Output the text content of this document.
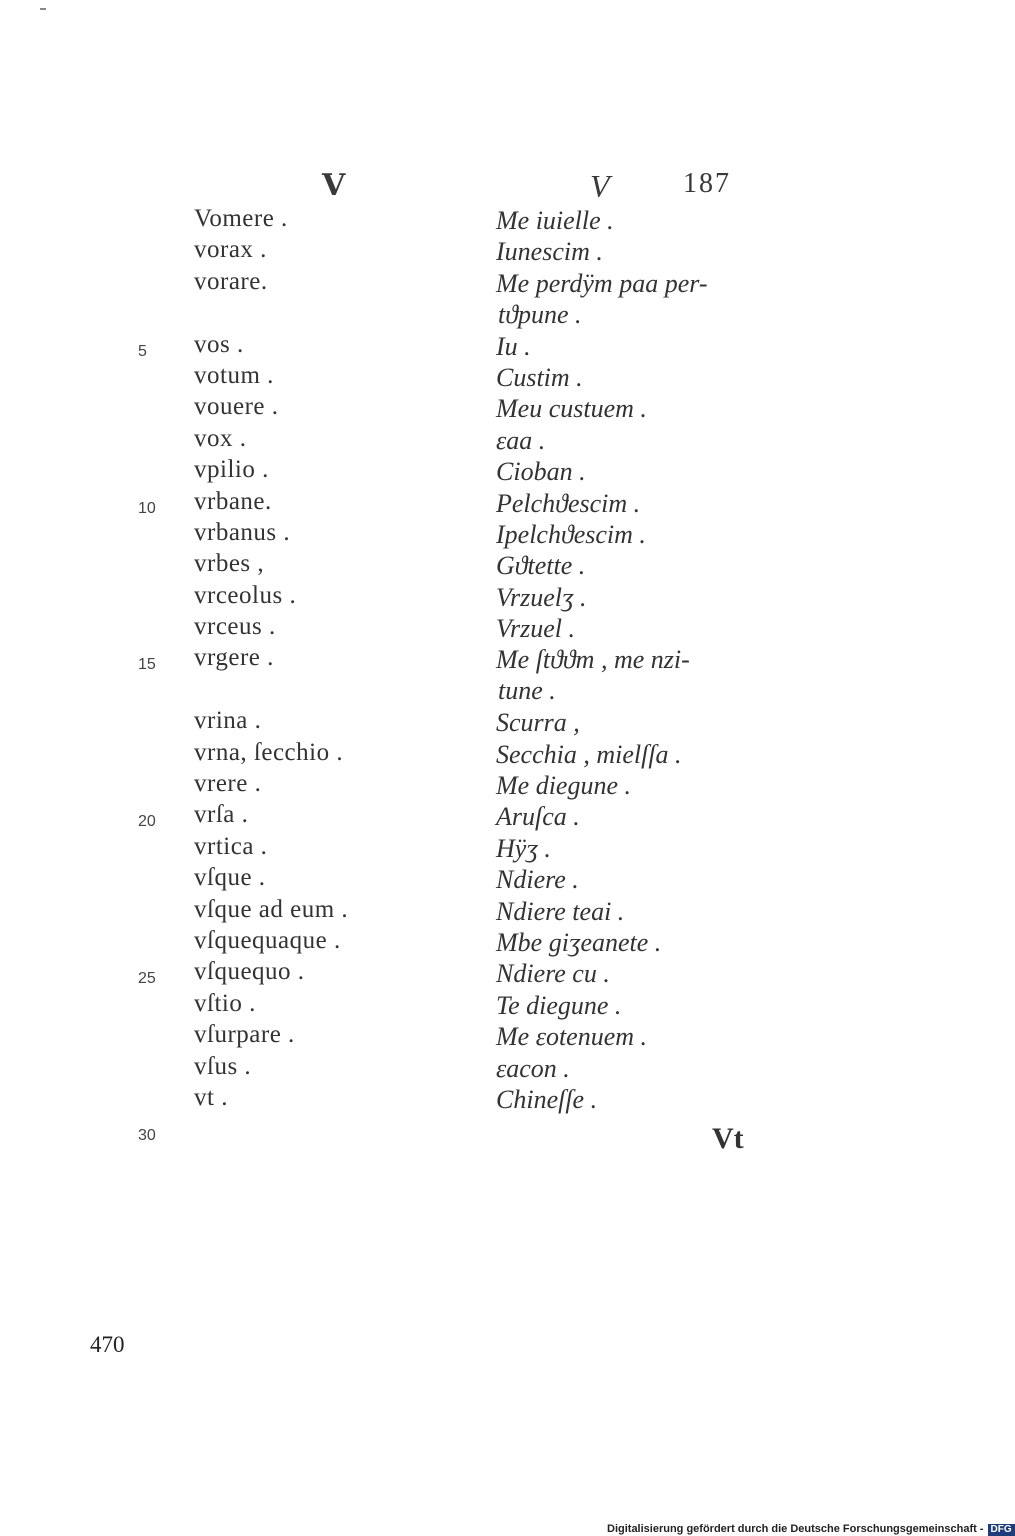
V	V	187
Vomere .	Me iuielle .
vorax .	Iunescim .
vorare.	Me perdÿm paa per-
tϑpune .
5 vos .	Iu .
votum .	Custim .
vouere .	Meu custuem .
vox .	εaa .
vpilio .	Cioban .
10 vrbane.	Pelchϑescim .
vrbanus .	Ipelchϑescim .
vrbes ,	Gϑtette .
vrceolus .	Vrzuelʒ .
vrceus .	Vrzuel .
15 vrgere .	Me ſtϑϑm , me nzi-
tune .
vrina .	Scurra ,
vrna, ſecchio .	Secchia , mielſſa .
vrere .	Me diegune .
20 vrſa .	Aruſca .
vrtica .	Hÿʒ .
vſque .	Ndiere .
vſque ad eum .	Ndiere teai .
vſquequaque .	Mbe giʒeanete .
25 vſquequo .	Ndiere cu .
vſtio .	Te diegune .
vſurpare .	Me εotenuem .
vſus .	εacon .
vt .	Chineſſe .
30	Vt
470
Digitalisierung gefördert durch die Deutsche Forschungsgemeinschaft - DFG
